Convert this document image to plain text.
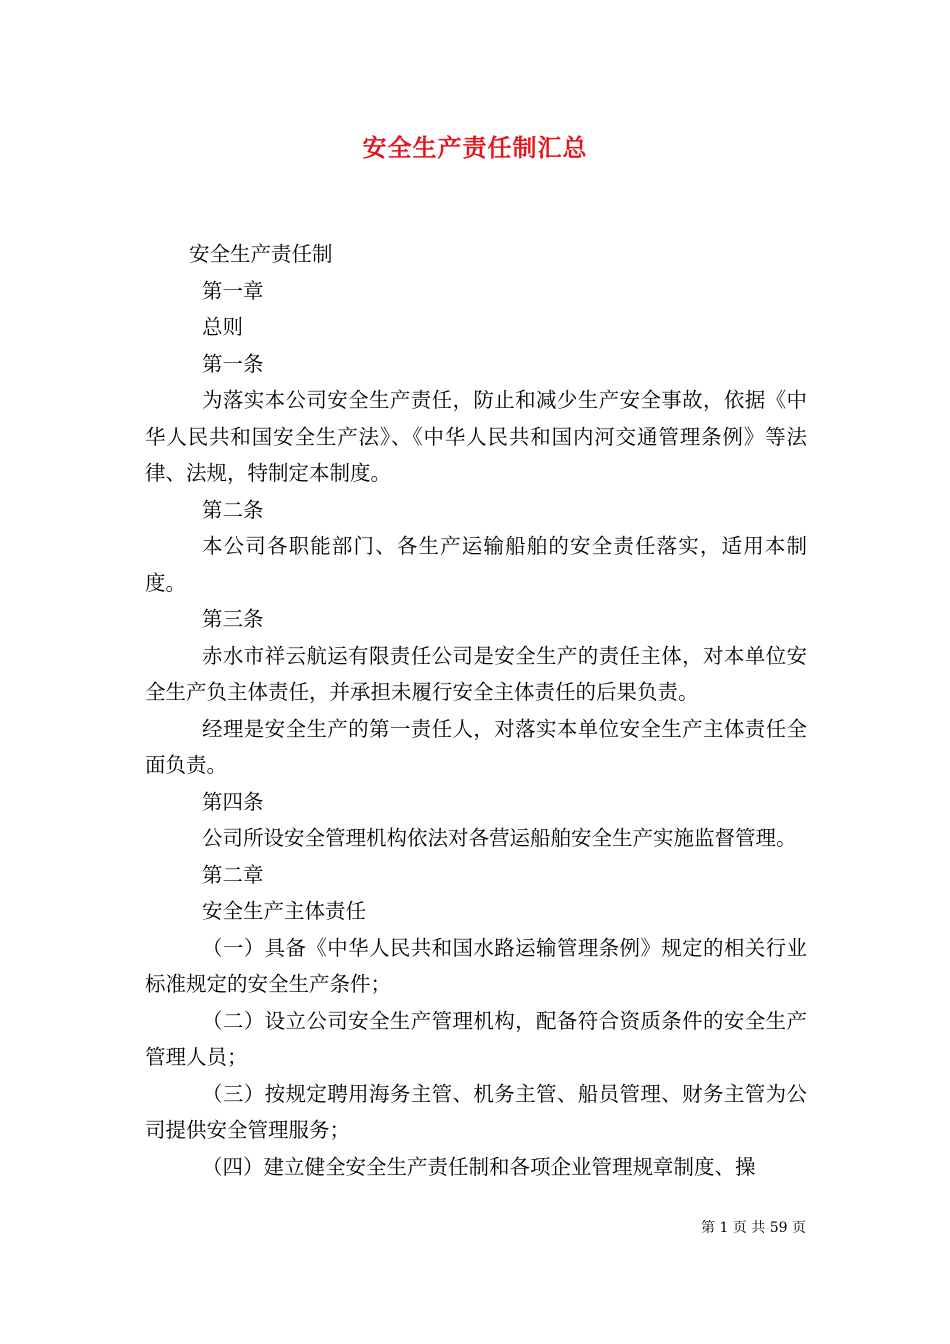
安全生产责任制汇总

安全生产责任制

第一章

总则

第一条

为落实本公司安全生产责任，防止和减少生产安全事故，依据《中华人民共和国安全生产法》、《中华人民共和国内河交通管理条例》等法律、法规，特制定本制度。

第二条

本公司各职能部门、各生产运输船舶的安全责任落实，适用本制度。

第三条

赤水市祥云航运有限责任公司是安全生产的责任主体，对本单位安全生产负主体责任，并承担未履行安全主体责任的后果负责。

经理是安全生产的第一责任人，对落实本单位安全生产主体责任全面负责。

第四条

公司所设安全管理机构依法对各营运船舶安全生产实施监督管理。

第二章

安全生产主体责任

（一）具备《中华人民共和国水路运输管理条例》规定的相关行业标准规定的安全生产条件；

（二）设立公司安全生产管理机构，配备符合资质条件的安全生产管理人员；

（三）按规定聘用海务主管、机务主管、船员管理、财务主管为公司提供安全管理服务；

（四）建立健全安全生产责任制和各项企业管理规章制度、操

第 1 页 共 59 页
